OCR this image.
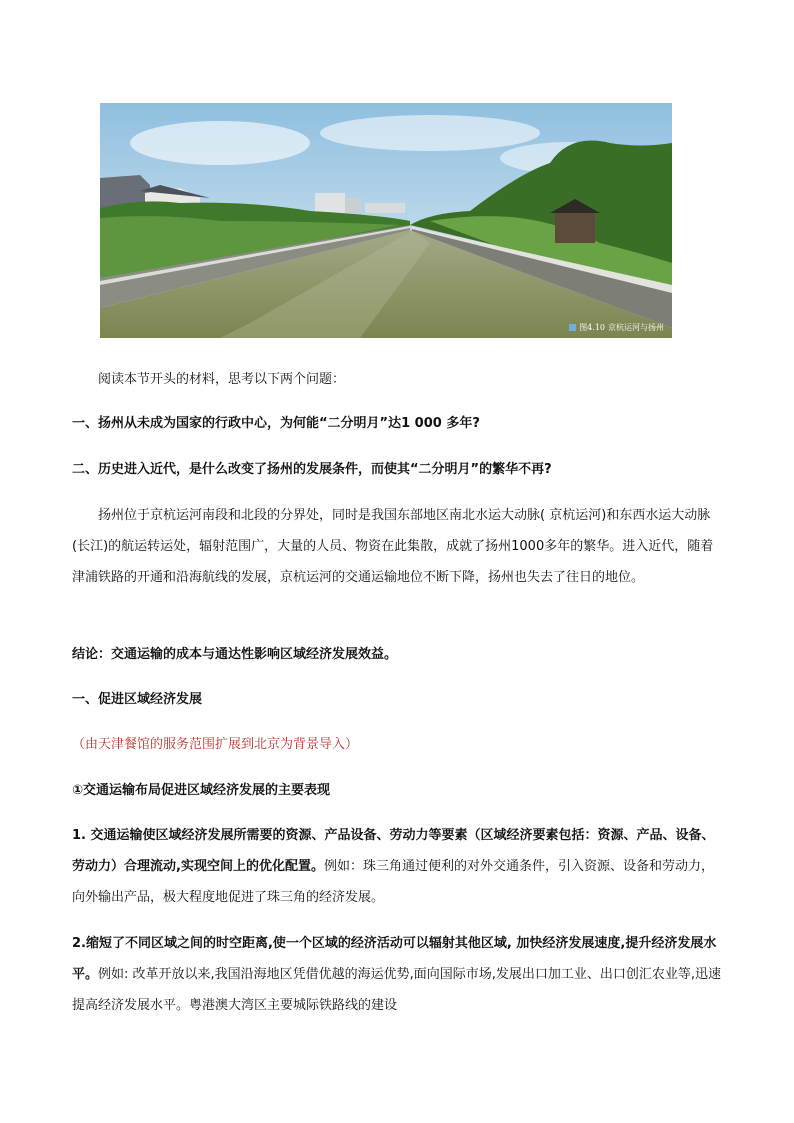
图4.10 京杭运河与扬州

阅读本节开头的材料，思考以下两个问题：

一、扬州从未成为国家的行政中心，为何能“二分明月”达1 000 多年?

二、历史进入近代，是什么改变了扬州的发展条件，而使其“二分明月”的繁华不再?

扬州位于京杭运河南段和北段的分界处，同时是我国东部地区南北水运大动脉( 京杭运河)和东西水运大动脉(长江)的航运转运处，辐射范围广，大量的人员、物资在此集散，成就了扬州1000多年的繁华。进入近代，随着津浦铁路的开通和沿海航线的发展，京杭运河的交通运输地位不断下降，扬州也失去了往日的地位。

结论：交通运输的成本与通达性影响区域经济发展效益。

一、促进区域经济发展

（由天津餐馆的服务范围扩展到北京为背景导入）

①交通运输布局促进区域经济发展的主要表现

1. 交通运输使区域经济发展所需要的资源、产品设备、劳动力等要素（区域经济要素包括：资源、产品、设备、劳动力）合理流动,实现空间上的优化配置。例如：珠三角通过便利的对外交通条件，引入资源、设备和劳动力，向外输出产品，极大程度地促进了珠三角的经济发展。

2.缩短了不同区域之间的时空距离,使一个区域的经济活动可以辐射其他区域, 加快经济发展速度,提升经济发展水平。例如: 改革开放以来,我国沿海地区凭借优越的海运优势,面向国际市场,发展出口加工业、出口创汇农业等,迅速提高经济发展水平。粤港澳大湾区主要城际铁路线的建设
